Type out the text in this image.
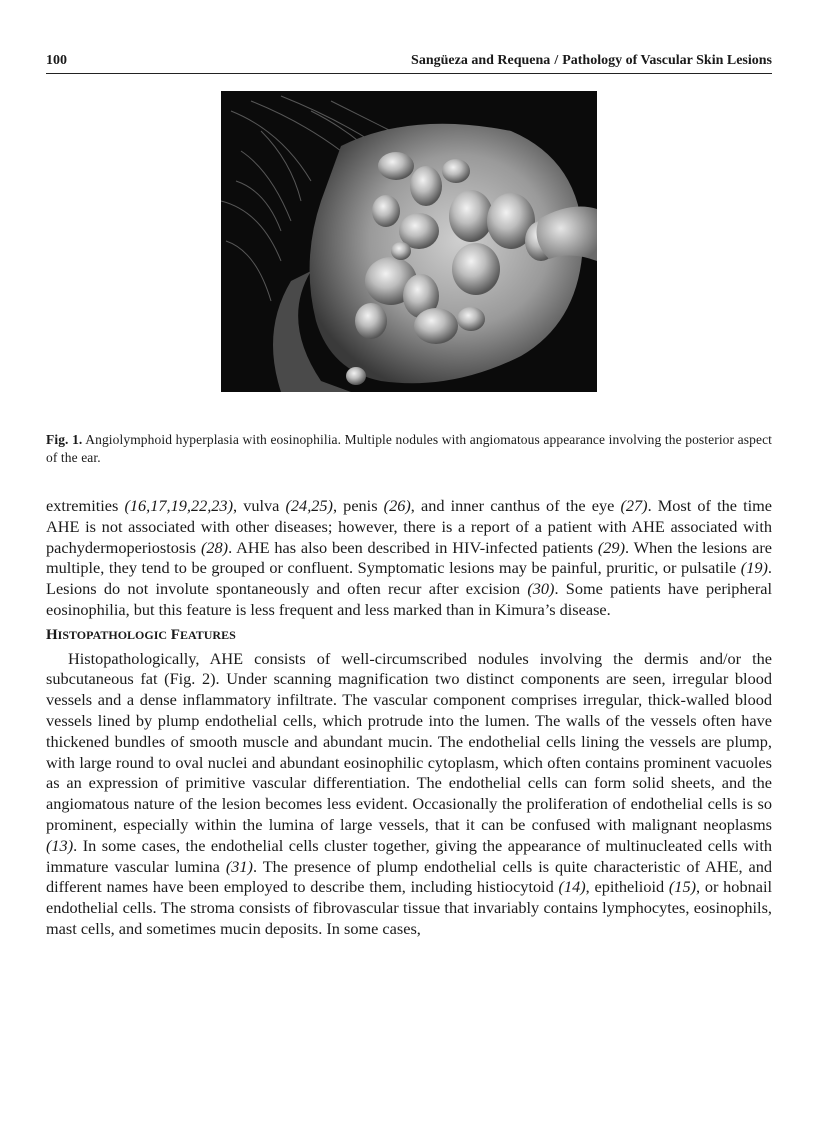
100	Sangüeza and Requena / Pathology of Vascular Skin Lesions
Fig. 1. Angiolymphoid hyperplasia with eosinophilia. Multiple nodules with angiomatous appearance involving the posterior aspect of the ear.

extremities (16,17,19,22,23), vulva (24,25), penis (26), and inner canthus of the eye (27). Most of the time AHE is not associated with other diseases; however, there is a report of a patient with AHE associated with pachydermoperiostosis (28). AHE has also been described in HIV-infected patients (29). When the lesions are multiple, they tend to be grouped or confluent. Symptomatic lesions may be painful, pruritic, or pulsatile (19). Lesions do not involute spontaneously and often recur after excision (30). Some patients have peripheral eosinophilia, but this feature is less frequent and less marked than in Kimura’s disease.

HISTOPATHOLOGIC FEATURES

Histopathologically, AHE consists of well-circumscribed nodules involving the dermis and/or the subcutaneous fat (Fig. 2). Under scanning magnification two distinct components are seen, irregular blood vessels and a dense inflammatory infiltrate. The vascular component comprises irregular, thick-walled blood vessels lined by plump endothelial cells, which protrude into the lumen. The walls of the vessels often have thickened bundles of smooth muscle and abundant mucin. The endothelial cells lining the vessels are plump, with large round to oval nuclei and abundant eosinophilic cytoplasm, which often contains prominent vacuoles as an expression of primitive vascular differentiation. The endothelial cells can form solid sheets, and the angiomatous nature of the lesion becomes less evident. Occasionally the proliferation of endothelial cells is so prominent, especially within the lumina of large vessels, that it can be confused with malignant neoplasms (13). In some cases, the endothelial cells cluster together, giving the appearance of multinucleated cells with immature vascular lumina (31). The presence of plump endothelial cells is quite characteristic of AHE, and different names have been employed to describe them, including histiocytoid (14), epithelioid (15), or hobnail endothelial cells. The stroma consists of fibrovascular tissue that invariably contains lymphocytes, eosinophils, mast cells, and sometimes mucin deposits. In some cases,
